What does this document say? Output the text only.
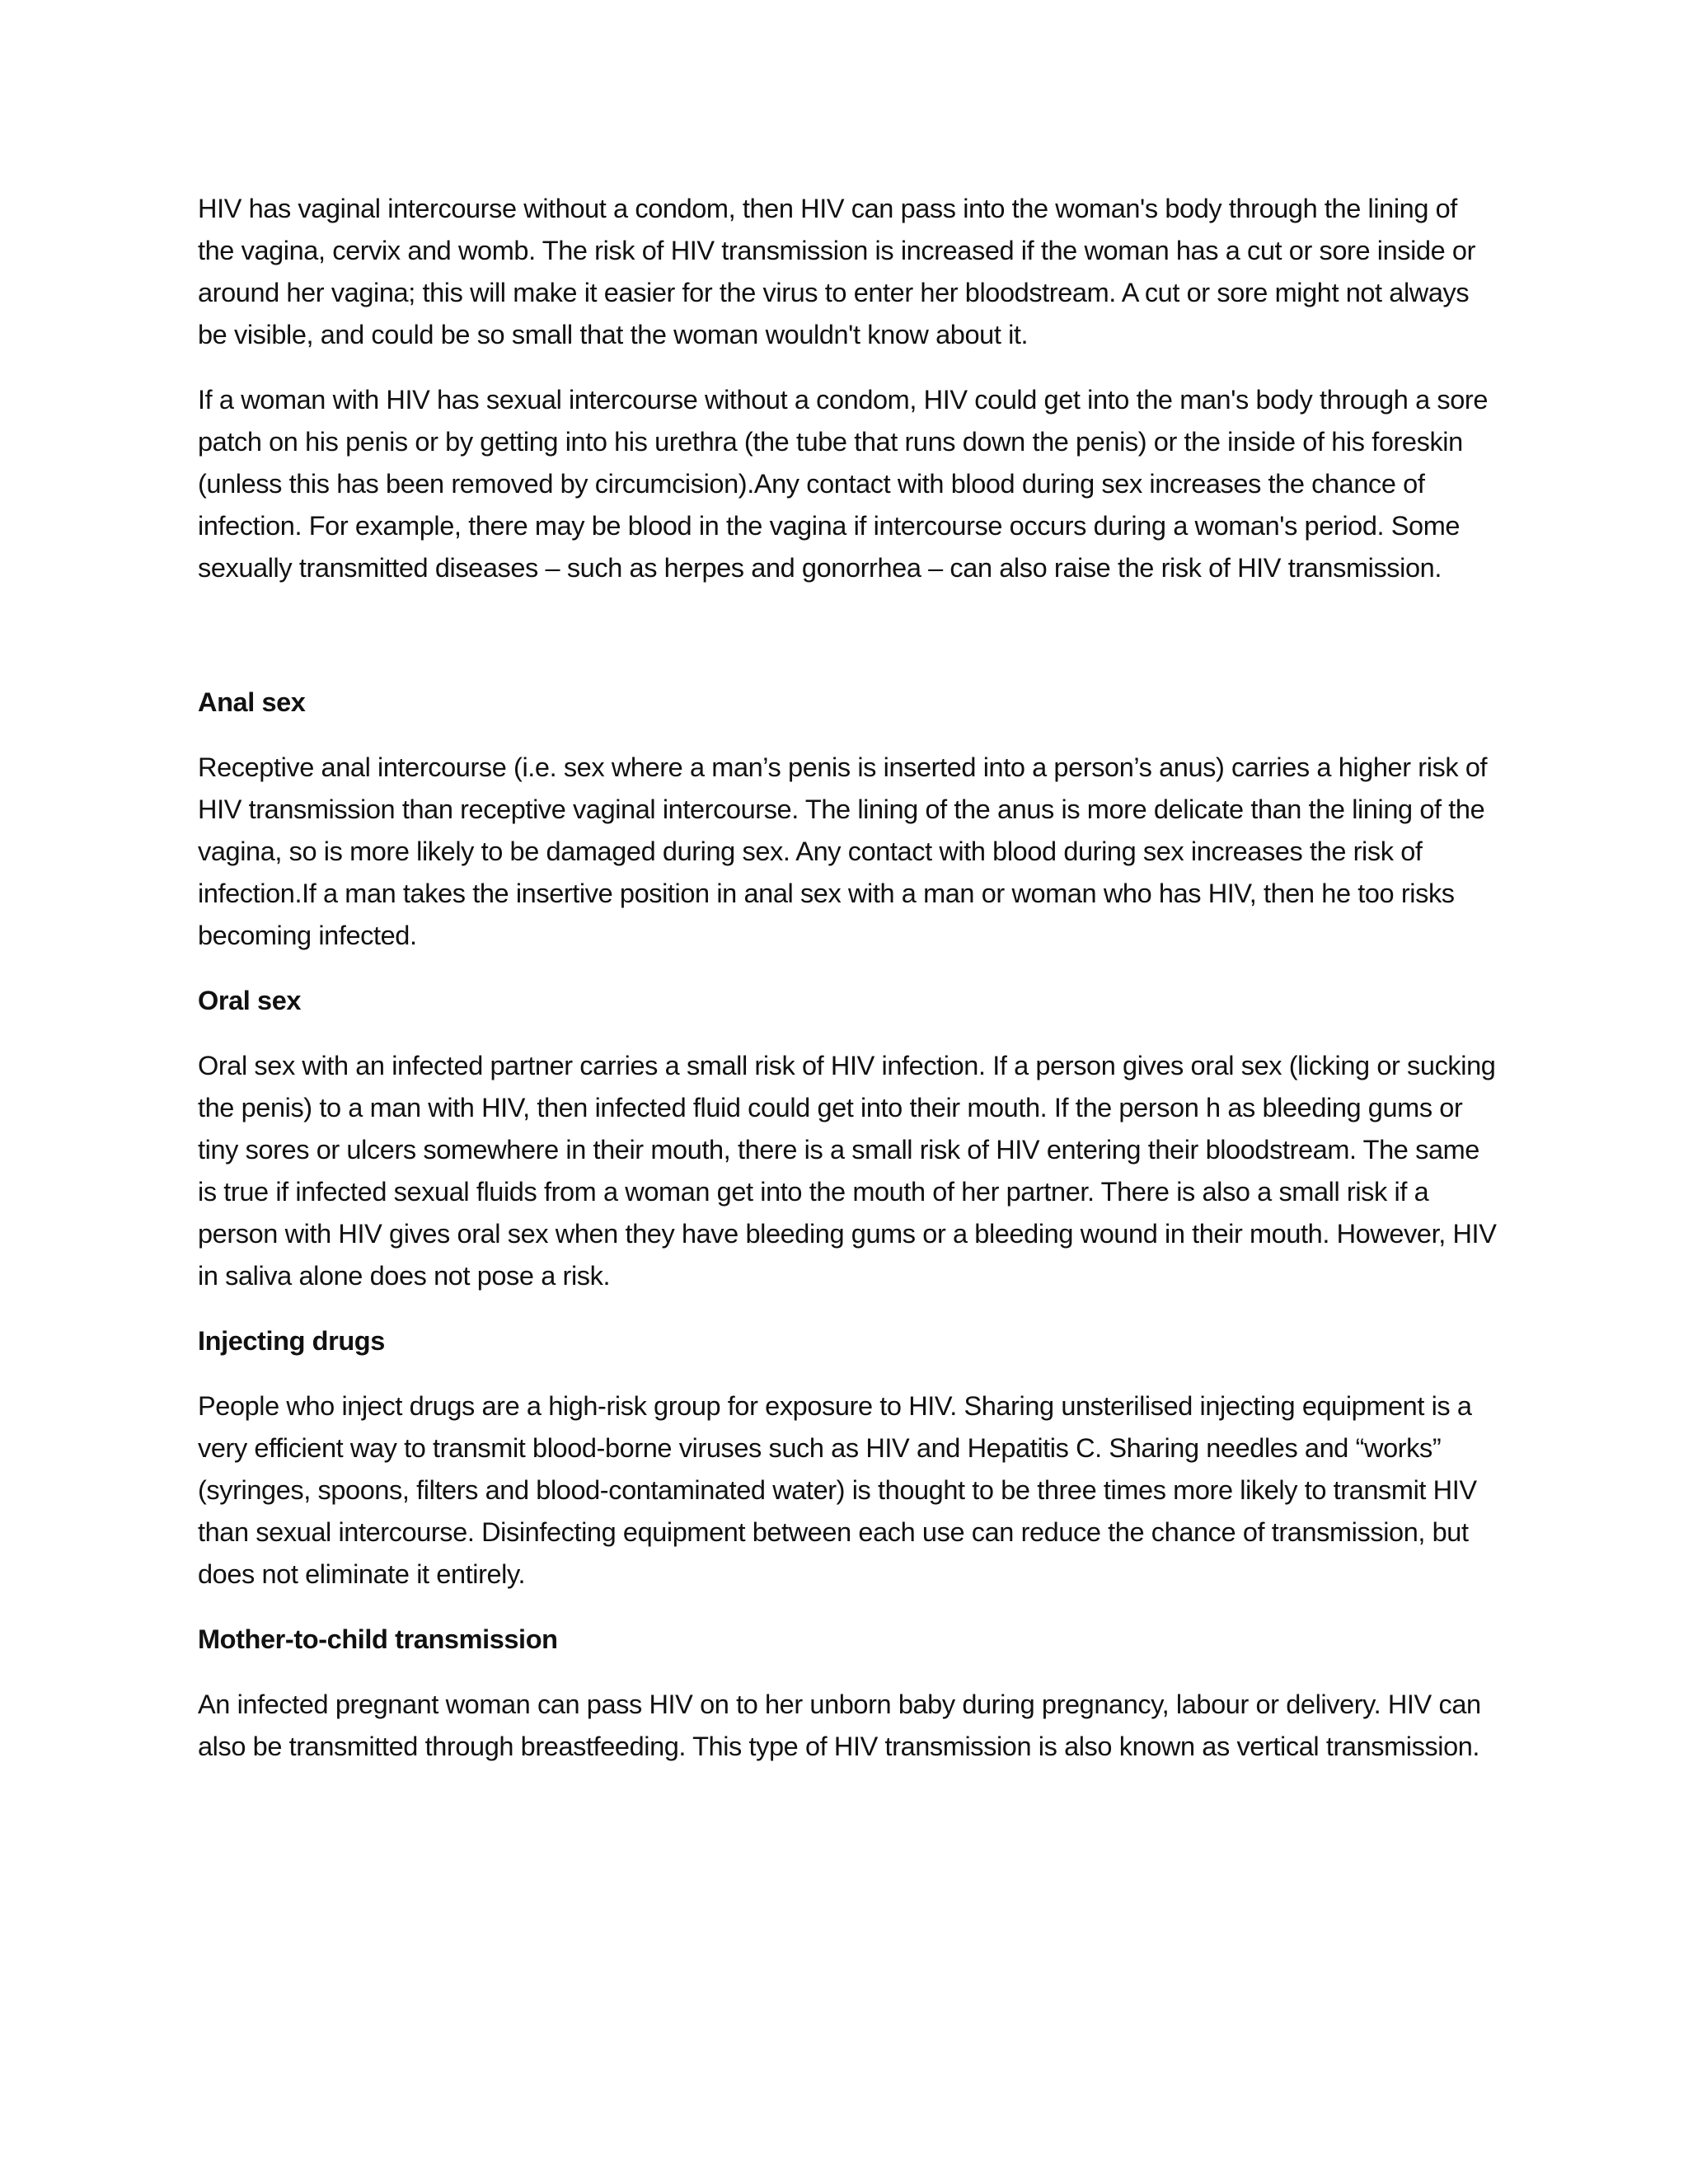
HIV has vaginal intercourse without a condom, then HIV can pass into the woman's body through the lining of the vagina, cervix and womb. The risk of HIV transmission is increased if the woman has a cut or sore inside or around her vagina; this will make it easier for the virus to enter her bloodstream. A cut or sore might not always be visible, and could be so small that the woman wouldn't know about it.

If a woman with HIV has sexual intercourse without a condom, HIV could get into the man's body through a sore patch on his penis or by getting into his urethra (the tube that runs down the penis) or the inside of his foreskin (unless this has been removed by circumcision).Any contact with blood during sex increases the chance of infection. For example, there may be blood in the vagina if intercourse occurs during a woman's period. Some sexually transmitted diseases – such as herpes and gonorrhea – can also raise the risk of HIV transmission.

Anal sex

Receptive anal intercourse (i.e. sex where a man’s penis is inserted into a person’s anus) carries a higher risk of HIV transmission than receptive vaginal intercourse. The lining of the anus is more delicate than the lining of the vagina, so is more likely to be damaged during sex. Any contact with blood during sex increases the risk of infection.If a man takes the insertive position in anal sex with a man or woman who has HIV, then he too risks becoming infected.

Oral sex

Oral sex with an infected partner carries a small risk of HIV infection. If a person gives oral sex (licking or sucking the penis) to a man with HIV, then infected fluid could get into their mouth. If the person h as bleeding gums or tiny sores or ulcers somewhere in their mouth, there is a small risk of HIV entering their bloodstream. The same is true if infected sexual fluids from a woman get into the mouth of her partner. There is also a small risk if a person with HIV gives oral sex when they have bleeding gums or a bleeding wound in their mouth. However, HIV in saliva alone does not pose a risk.

Injecting drugs

People who inject drugs are a high-risk group for exposure to HIV. Sharing unsterilised injecting equipment is a very efficient way to transmit blood-borne viruses such as HIV and Hepatitis C. Sharing needles and “works” (syringes, spoons, filters and blood-contaminated water) is thought to be three times more likely to transmit HIV than sexual intercourse. Disinfecting equipment between each use can reduce the chance of transmission, but does not eliminate it entirely.

Mother-to-child transmission

An infected pregnant woman can pass HIV on to her unborn baby during pregnancy, labour or delivery. HIV can also be transmitted through breastfeeding. This type of HIV transmission is also known as vertical transmission.
